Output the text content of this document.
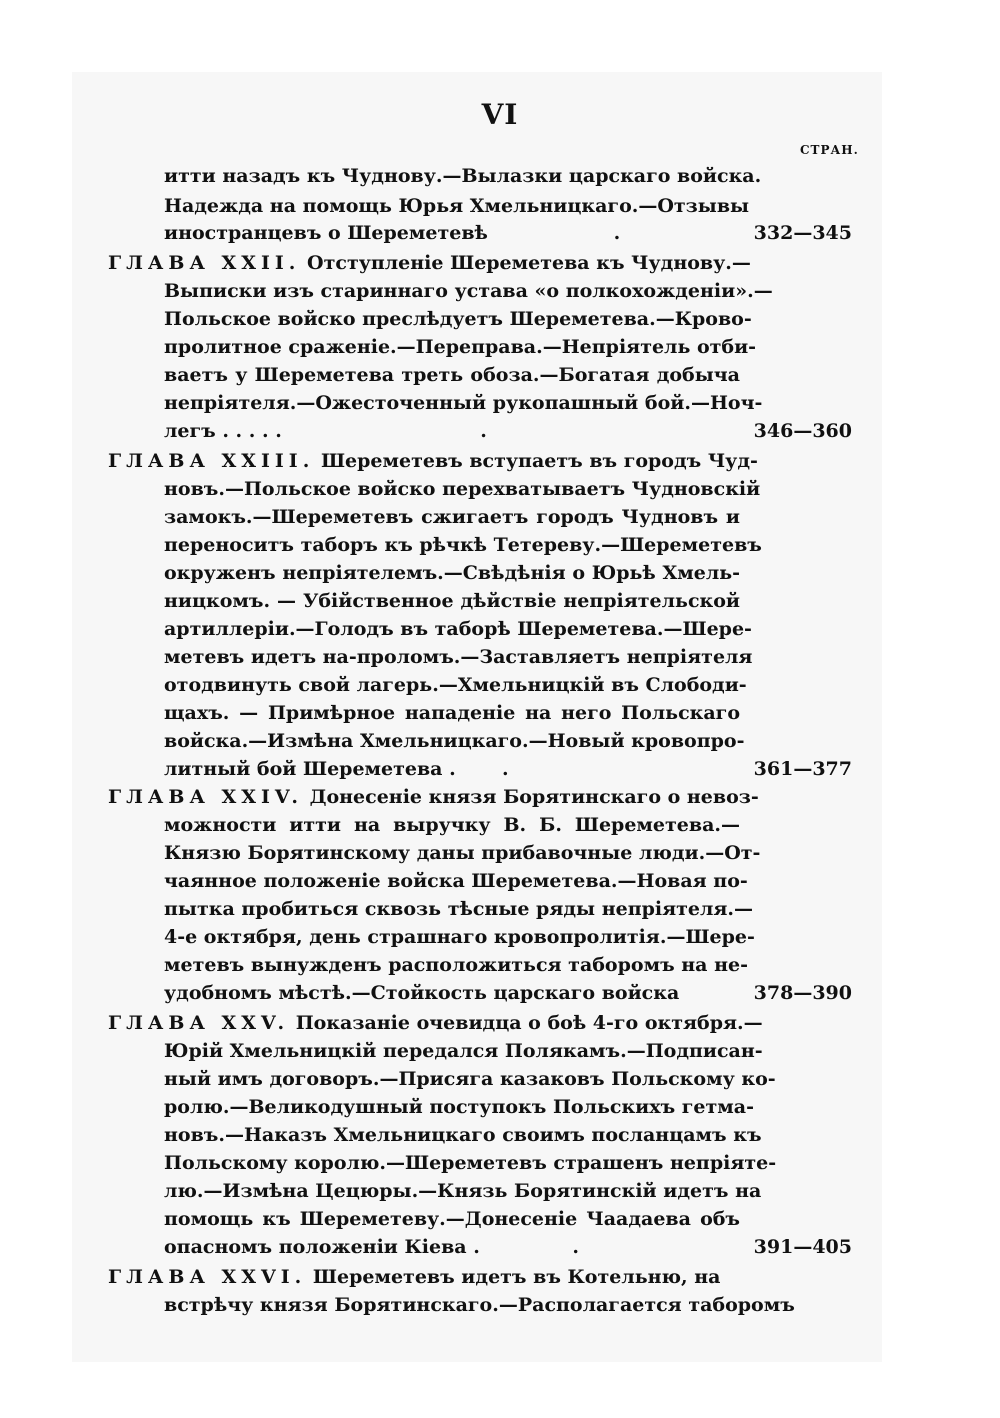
VI
СТРАН.
итти назадъ къ Чуднову.—Вылазки царскаго войска.
Надежда на помощь Юрья Хмельницкаго.—Отзывы
иностранцевъ о Шереметевѣ                   .	332—345
ГЛАВА XXII. Отступленіе Шереметева къ Чуднову.—
Выписки изъ стариннаго устава «о полкохожденіи».—
Польское войско преслѣдуетъ Шереметева.—Крово-
пролитное сраженіе.—Переправа.—Непріятель отби-
ваетъ у Шереметева треть обоза.—Богатая добыча
непріятеля.—Ожесточенный рукопашный бой.—Ноч-
легъ . . . . .                              .	346—360
ГЛАВА XXIII. Шереметевъ вступаетъ въ городъ Чуд-
новъ.—Польское войско перехватываетъ Чудновскій
замокъ.—Шереметевъ сжигаетъ городъ Чудновъ и
переноситъ таборъ къ рѣчкѣ Тетереву.—Шереметевъ
окруженъ непріятелемъ.—Свѣдѣнія о Юрьѣ Хмель-
ницкомъ. — Убійственное дѣйствіе непріятельской
артиллеріи.—Голодъ въ таборѣ Шереметева.—Шере-
метевъ идетъ на-проломъ.—Заставляетъ непріятеля
отодвинуть свой лагерь.—Хмельницкій въ Слободи-
щахъ. — Примѣрное нападеніе на него Польскаго
войска.—Измѣна Хмельницкаго.—Новый кровопро-
литный бой Шереметева .       .	361—377
ГЛАВА XXIV. Донесеніе князя Борятинскаго о невоз-
можности итти на выручку В. Б. Шереметева.—
Князю Борятинскому даны прибавочные люди.—От-
чаянное положеніе войска Шереметева.—Новая по-
пытка пробиться сквозь тѣсные ряды непріятеля.—
4-е октября, день страшнаго кровопролитія.—Шере-
метевъ вынужденъ расположиться таборомъ на не-
удобномъ мѣстѣ.—Стойкость царскаго войска	378—390
ГЛАВА XXV. Показаніе очевидца о боѣ 4-го октября.—
Юрій Хмельницкій передался Полякамъ.—Подписан-
ный имъ договоръ.—Присяга казаковъ Польскому ко-
ролю.—Великодушный поступокъ Польскихъ гетма-
новъ.—Наказъ Хмельницкаго своимъ посланцамъ къ
Польскому королю.—Шереметевъ страшенъ непріяте-
лю.—Измѣна Цецюры.—Князь Борятинскій идетъ на
помощь къ Шереметеву.—Донесеніе Чаадаева объ
опасномъ положеніи Кіева .              .	391—405
ГЛАВА XXVI. Шереметевъ идетъ въ Котельню, на
встрѣчу князя Борятинскаго.—Располагается таборомъ
